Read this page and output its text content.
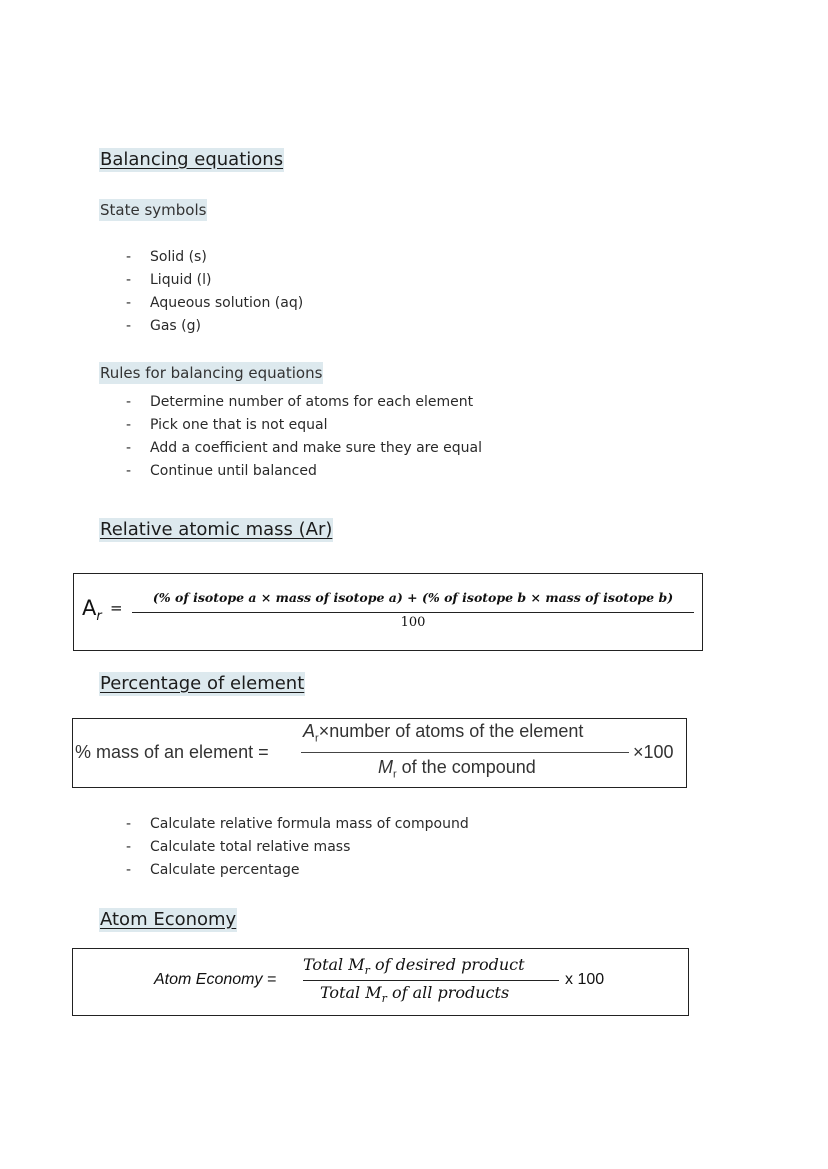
Balancing equations
State symbols
- Solid (s)
- Liquid (l)
- Aqueous solution (aq)
- Gas (g)
Rules for balancing equations
- Determine number of atoms for each element
- Pick one that is not equal
- Add a coefficient and make sure they are equal
- Continue until balanced
Relative atomic mass (Ar)
$A_r$ =
(% of isotope a × mass of isotope a) + (% of isotope b × mass of isotope b)
100
Percentage of element
% mass of an element =
$A_r\times number$ of atoms of the element
$M_r$ of the compound
×100
- Calculate relative formula mass of compound
- Calculate total relative mass
- Calculate percentage
Atom Economy
Atom Economy =
Total $M_r$ of desired product
Total $M_r$ of all products
x 100
